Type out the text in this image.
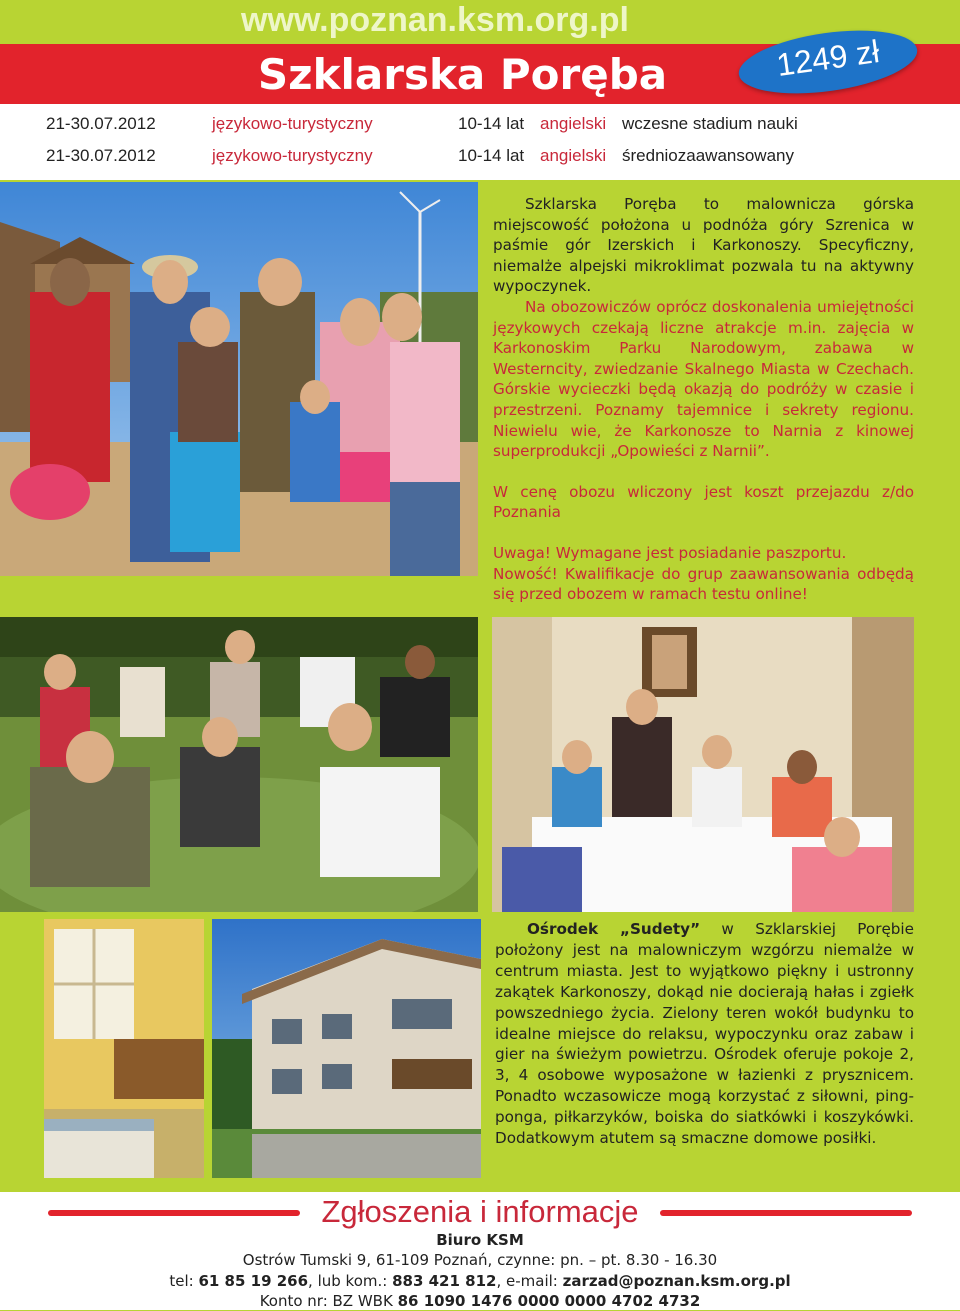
www.poznan.ksm.org.pl
Szklarska Poręba	1249 zł
21-30.07.2012	językowo-turystyczny	10-14 lat angielski wczesne stadium nauki
21-30.07.2012	językowo-turystyczny	10-14 lat angielski średniozaawansowany

Szklarska Poręba to malownicza górska miejscowość położona u podnóża góry Szrenica w paśmie gór Izerskich i Karkonoszy. Specyficzny, niemalże alpejski mikroklimat pozwala tu na aktywny wypoczynek.

Na obozowiczów oprócz doskonalenia umiejętności językowych czekają liczne atrakcje m.in. zajęcia w Karkonoskim Parku Narodowym, zabawa w Westerncity, zwiedzanie Skalnego Miasta w Czechach. Górskie wycieczki będą okazją do podróży w czasie i przestrzeni. Poznamy tajemnice i sekrety regionu. Niewielu wie, że Karkonosze to Narnia z kinowej superprodukcji „Opowieści z Narnii”.

W cenę obozu wliczony jest koszt przejazdu z/do Poznania

Uwaga! Wymagane jest posiadanie paszportu.

Nowość! Kwalifikacje do grup zaawansowania odbędą się przed obozem w ramach testu online!

Ośrodek „Sudety” w Szklarskiej Porębie położony jest na malowniczym wzgórzu niemalże w centrum miasta. Jest to wyjątkowo piękny i ustronny zakątek Karkonoszy, dokąd nie docierają hałas i zgiełk powszedniego życia. Zielony teren wokół budynku to idealne miejsce do relaksu, wypoczynku oraz zabaw i gier na świeżym powietrzu. Ośrodek oferuje pokoje 2, 3, 4 osobowe wyposażone w łazienki z prysznicem. Ponadto wczasowicze mogą korzystać z siłowni, ping-ponga, piłkarzyków, boiska do siatkówki i koszykówki. Dodatkowym atutem są smaczne domowe posiłki.

Zgłoszenia i informacje
Biuro KSM
Ostrów Tumski 9, 61-109 Poznań, czynne: pn. – pt. 8.30 - 16.30
tel: 61 85 19 266, lub kom.: 883 421 812, e-mail: zarzad@poznan.ksm.org.pl
Konto nr: BZ WBK 86 1090 1476 0000 0000 4702 4732
